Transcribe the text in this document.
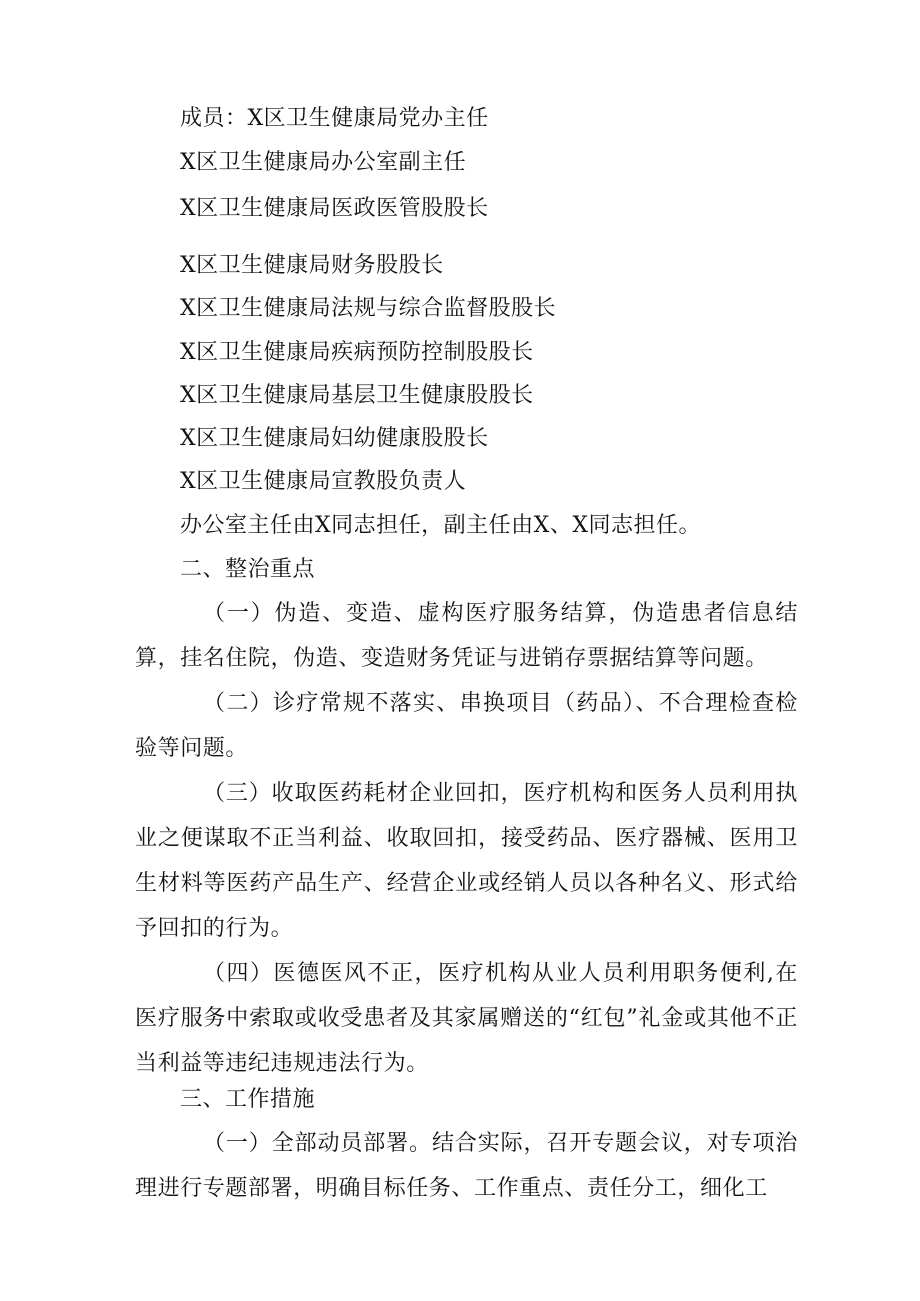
成员：X区卫生健康局党办主任
X区卫生健康局办公室副主任
X区卫生健康局医政医管股股长
X区卫生健康局财务股股长
X区卫生健康局法规与综合监督股股长
X区卫生健康局疾病预防控制股股长
X区卫生健康局基层卫生健康股股长
X区卫生健康局妇幼健康股股长
X区卫生健康局宣教股负责人
办公室主任由X同志担任，副主任由X、X同志担任。
二、整治重点

（一）伪造、变造、虚构医疗服务结算，伪造患者信息结算，挂名住院，伪造、变造财务凭证与进销存票据结算等问题。

（二）诊疗常规不落实、串换项目（药品）、不合理检查检验等问题。

（三）收取医药耗材企业回扣，医疗机构和医务人员利用执业之便谋取不正当利益、收取回扣，接受药品、医疗器械、医用卫生材料等医药产品生产、经营企业或经销人员以各种名义、形式给予回扣的行为。

（四）医德医风不正，医疗机构从业人员利用职务便利,在医疗服务中索取或收受患者及其家属赠送的“红包”礼金或其他不正当利益等违纪违规违法行为。

三、工作措施

（一）全部动员部署。结合实际，召开专题会议，对专项治理进行专题部署，明确目标任务、工作重点、责任分工，细化工
